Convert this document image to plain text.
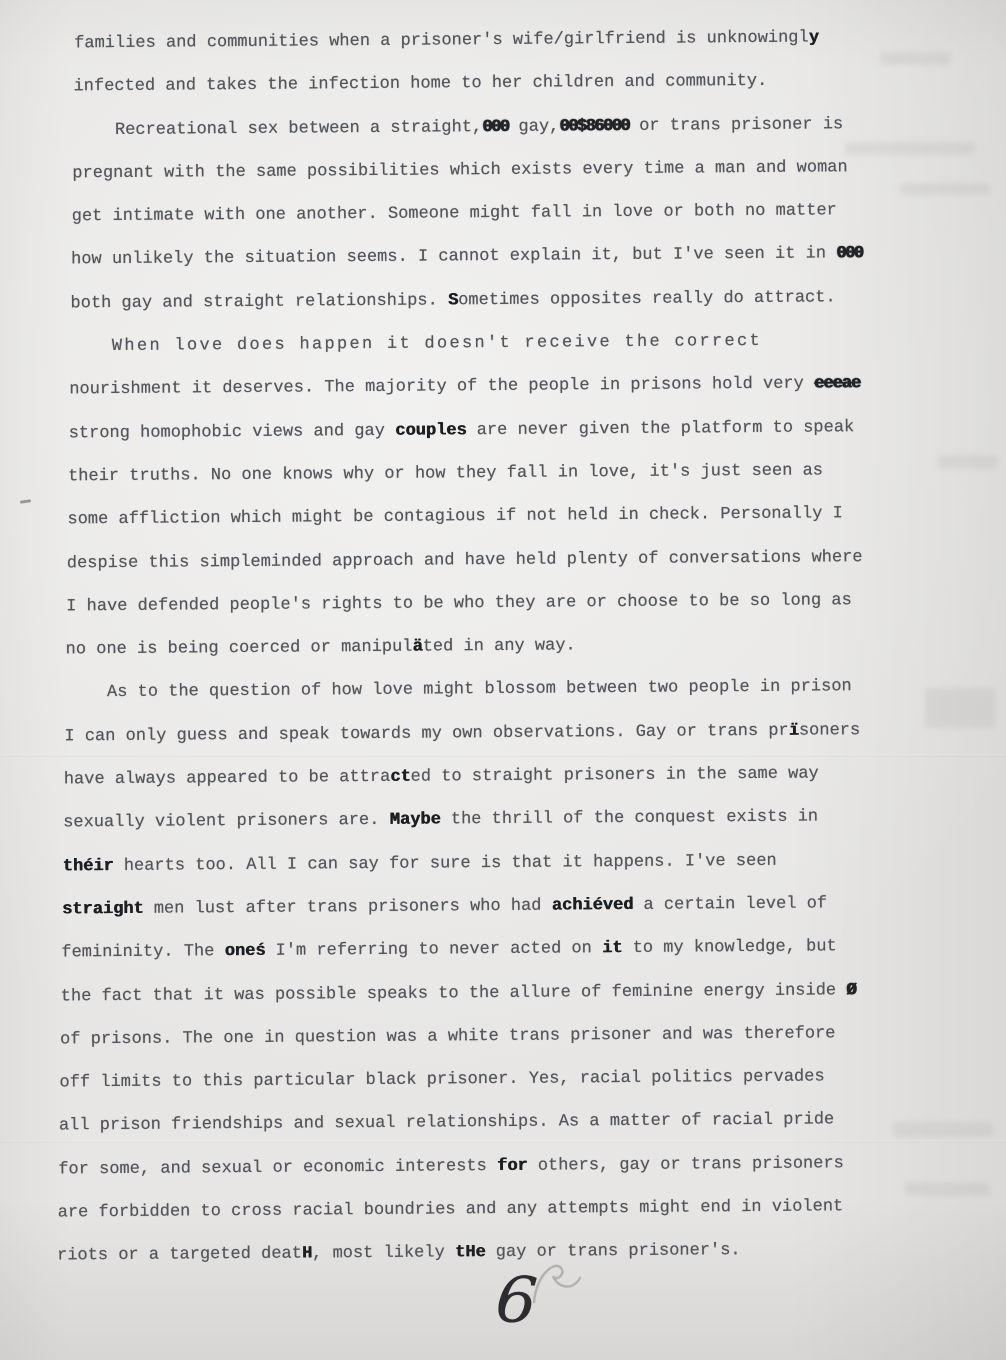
families and communities when a prisoner's wife/girlfriend is unknowingly
infected and takes the infection home to her children and community.
Recreational sex between a straight,000 gay,00$86000 or trans prisoner is
pregnant with the same possibilities which exists every time a man and woman
get intimate with one another. Someone might fall in love or both no matter
how unlikely the situation seems. I cannot explain it, but I've seen it in 000
both gay and straight relationships. Sometimes opposites really do attract.
When love does happen it doesn't receive the correct
nourishment it deserves. The majority of the people in prisons hold very eeeae
strong homophobic views and gay couples are never given the platform to speak
their truths. No one knows why or how they fall in love, it's just seen as
some affliction which might be contagious if not held in check. Personally I
despise this simpleminded approach and have held plenty of conversations where
I have defended people's rights to be who they are or choose to be so long as
no one is being coerced or manipuläted in any way.
As to the question of how love might blossom between two people in prison
I can only guess and speak towards my own observations. Gay or trans prïsoners
have always appeared to be attracted to straight prisoners in the same way
sexually violent prisoners are. Maybe the thrill of the conquest exists in
théir hearts too. All I can say for sure is that it happens. I've seen
straight men lust after trans prisoners who had achiéved a certain level of
femininity. The oneś I'm referring to never acted on it to my knowledge, but
the fact that it was possible speaks to the allure of feminine energy inside Ø
of prisons. The one in question was a white trans prisoner and was therefore
off limits to this particular black prisoner. Yes, racial politics pervades
all prison friendships and sexual relationships. As a matter of racial pride
for some, and sexual or economic interests for others, gay or trans prisoners
are forbidden to cross racial boundries and any attempts might end in violent
riots or a targeted deatH, most likely tHe gay or trans prisoner's.
6
